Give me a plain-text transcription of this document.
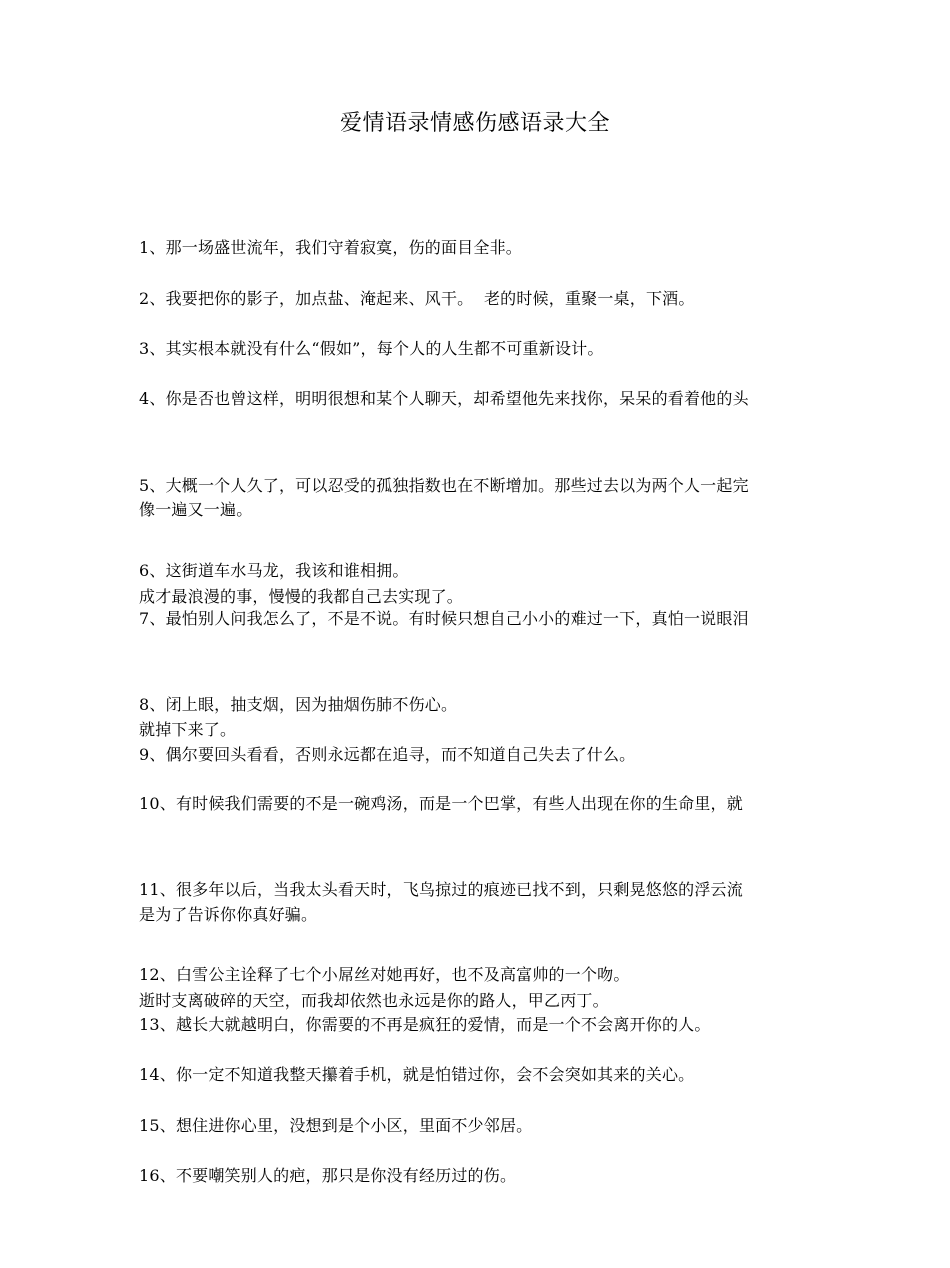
爱情语录情感伤感语录大全

1、那一场盛世流年，我们守着寂寞，伤的面目全非。

2、我要把你的影子，加点盐、淹起来、风干。  老的时候，重聚一桌，下酒。

3、其实根本就没有什么“假如”，每个人的人生都不可重新设计。

4、你是否也曾这样，明明很想和某个人聊天，却希望他先来找你，呆呆的看着他的头

像一遍又一遍。

5、大概一个人久了，可以忍受的孤独指数也在不断增加。那些过去以为两个人一起完

成才最浪漫的事，慢慢的我都自己去实现了。

6、这街道车水马龙，我该和谁相拥。

7、最怕别人问我怎么了，不是不说。有时候只想自己小小的难过一下，真怕一说眼泪

就掉下来了。

8、闭上眼，抽支烟，因为抽烟伤肺不伤心。

9、偶尔要回头看看，否则永远都在追寻，而不知道自己失去了什么。

10、有时候我们需要的不是一碗鸡汤，而是一个巴掌，有些人出现在你的生命里，就

是为了告诉你你真好骗。

11、很多年以后，当我太头看天时，飞鸟掠过的痕迹已找不到，只剩晃悠悠的浮云流

逝时支离破碎的天空，而我却依然也永远是你的路人，甲乙丙丁。

12、白雪公主诠释了七个小屌丝对她再好，也不及高富帅的一个吻。

13、越长大就越明白，你需要的不再是疯狂的爱情，而是一个不会离开你的人。

14、你一定不知道我整天攥着手机，就是怕错过你，会不会突如其来的关心。

15、想住进你心里，没想到是个小区，里面不少邻居。

16、不要嘲笑别人的疤，那只是你没有经历过的伤。
